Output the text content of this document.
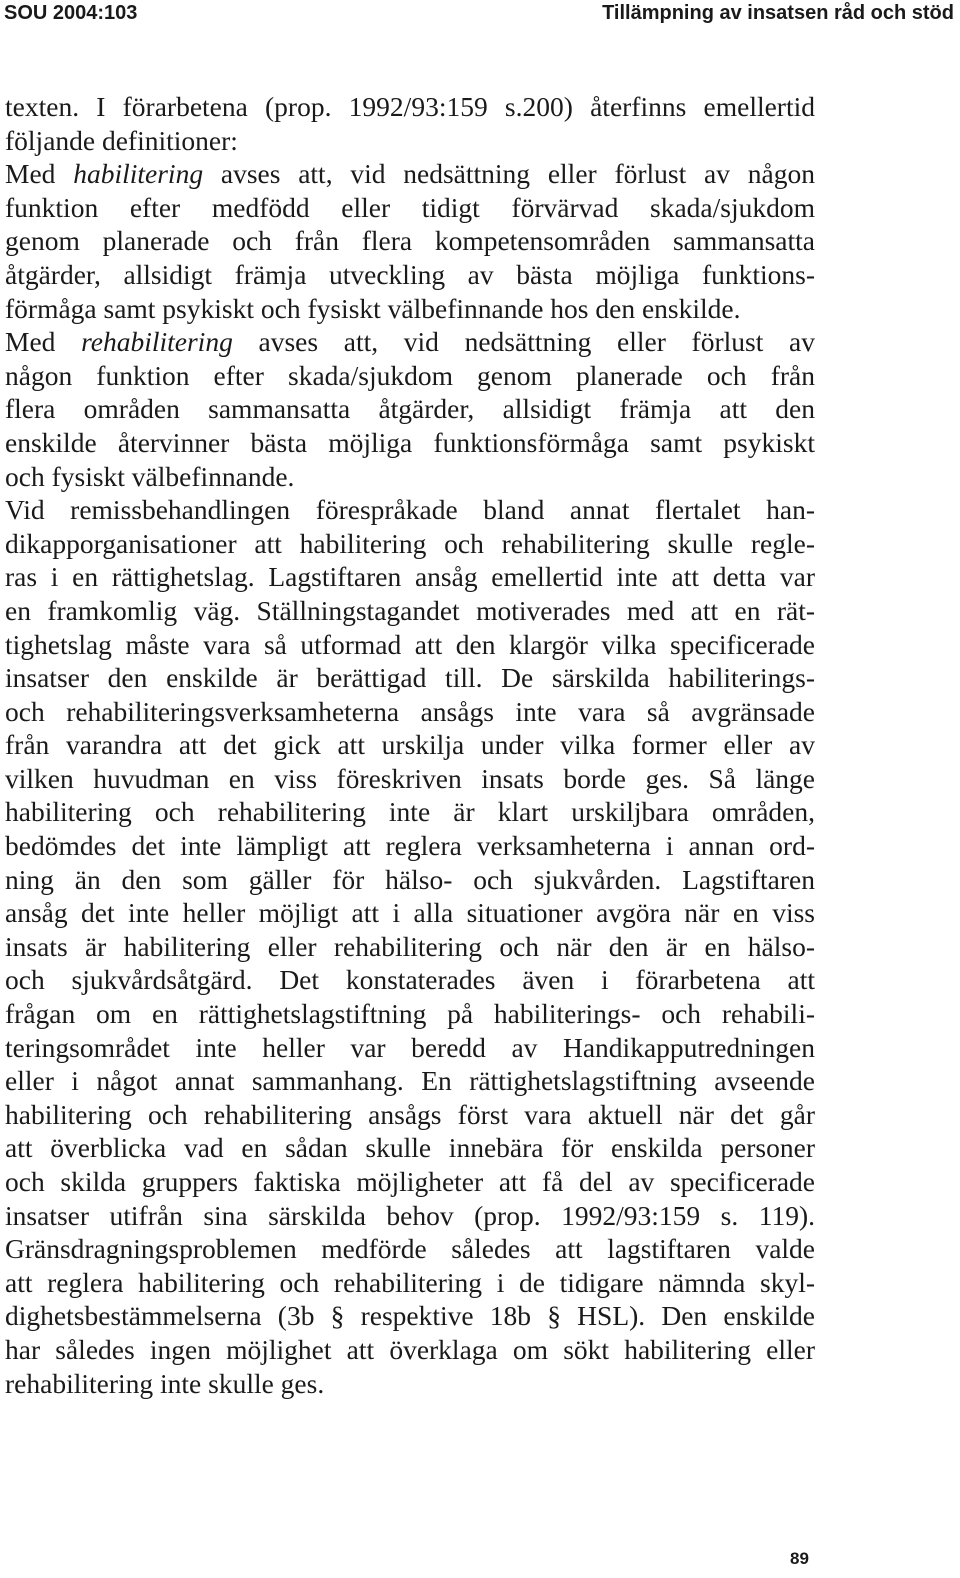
SOU 2004:103	Tillämpning av insatsen råd och stöd
texten. I förarbetena (prop. 1992/93:159 s.200) återfinns emellertid
följande definitioner:
Med habilitering avses att, vid nedsättning eller förlust av någon
funktion efter medfödd eller tidigt förvärvad skada/sjukdom
genom planerade och från flera kompetensområden sammansatta
åtgärder, allsidigt främja utveckling av bästa möjliga funktions-
förmåga samt psykiskt och fysiskt välbefinnande hos den enskilde.
Med rehabilitering avses att, vid nedsättning eller förlust av
någon funktion efter skada/sjukdom genom planerade och från
flera områden sammansatta åtgärder, allsidigt främja att den
enskilde återvinner bästa möjliga funktionsförmåga samt psykiskt
och fysiskt välbefinnande.
Vid remissbehandlingen förespråkade bland annat flertalet han-
dikapporganisationer att habilitering och rehabilitering skulle regle-
ras i en rättighetslag. Lagstiftaren ansåg emellertid inte att detta var
en framkomlig väg. Ställningstagandet motiverades med att en rät-
tighetslag måste vara så utformad att den klargör vilka specificerade
insatser den enskilde är berättigad till. De särskilda habiliterings-
och rehabiliteringsverksamheterna ansågs inte vara så avgränsade
från varandra att det gick att urskilja under vilka former eller av
vilken huvudman en viss föreskriven insats borde ges. Så länge
habilitering och rehabilitering inte är klart urskiljbara områden,
bedömdes det inte lämpligt att reglera verksamheterna i annan ord-
ning än den som gäller för hälso- och sjukvården. Lagstiftaren
ansåg det inte heller möjligt att i alla situationer avgöra när en viss
insats är habilitering eller rehabilitering och när den är en hälso-
och sjukvårdsåtgärd. Det konstaterades även i förarbetena att
frågan om en rättighetslagstiftning på habiliterings- och rehabili-
teringsområdet inte heller var beredd av Handikapputredningen
eller i något annat sammanhang. En rättighetslagstiftning avseende
habilitering och rehabilitering ansågs först vara aktuell när det går
att överblicka vad en sådan skulle innebära för enskilda personer
och skilda gruppers faktiska möjligheter att få del av specificerade
insatser utifrån sina särskilda behov (prop. 1992/93:159 s. 119).
Gränsdragningsproblemen medförde således att lagstiftaren valde
att reglera habilitering och rehabilitering i de tidigare nämnda skyl-
dighetsbestämmelserna (3b § respektive 18b § HSL). Den enskilde
har således ingen möjlighet att överklaga om sökt habilitering eller
rehabilitering inte skulle ges.
89
